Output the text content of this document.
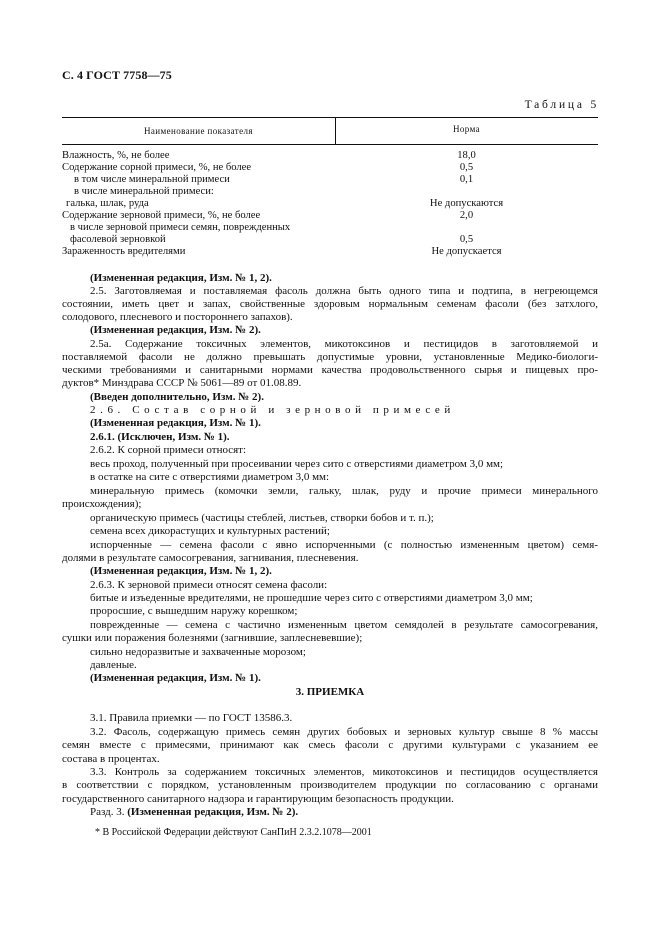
С. 4 ГОСТ 7758—75
Таблица 5
Наименование показателя	Норма
Влажность, %, не более	18,0
Содержание сорной примеси, %, не более	0,5
в том числе минеральной примеси	0,1
в числе минеральной примеси:
галька, шлак, руда	Не допускаются
Содержание зерновой примеси, %, не более	2,0
в числе зерновой примеси семян, поврежденных
фасолевой зерновкой	0,5
Зараженность вредителями	Не допускается
(Измененная редакция, Изм. № 1, 2).
2.5. Заготовляемая и поставляемая фасоль должна быть одного типа и подтипа, в негреющемся
состоянии, иметь цвет и запах, свойственные здоровым нормальным семенам фасоли (без затхлого,
солодового, плесневого и постороннего запахов).
(Измененная редакция, Изм. № 2).
2.5а. Содержание токсичных элементов, микотоксинов и пестицидов в заготовляемой и
поставляемой фасоли не должно превышать допустимые уровни, установленные Медико-биологи-
ческими требованиями и санитарными нормами качества продовольственного сырья и пищевых про-
дуктов* Минздрава СССР № 5061—89 от 01.08.89.
(Введен дополнительно, Изм. № 2).
2.6. Состав сорной и зерновой примесей
(Измененная редакция, Изм. № 1).
2.6.1. (Исключен, Изм. № 1).
2.6.2. К сорной примеси относят:
весь проход, полученный при просеивании через сито с отверстиями диаметром 3,0 мм;
в остатке на сите с отверстиями диаметром 3,0 мм:
минеральную примесь (комочки земли, гальку, шлак, руду и прочие примеси минерального
происхождения);
органическую примесь (частицы стеблей, листьев, створки бобов и т. п.);
семена всех дикорастущих и культурных растений;
испорченные — семена фасоли с явно испорченными (с полностью измененным цветом) семя-
долями в результате самосогревания, загнивания, плесневения.
(Измененная редакция, Изм. № 1, 2).
2.6.3. К зерновой примеси относят семена фасоли:
битые и изъеденные вредителями, не прошедшие через сито с отверстиями диаметром 3,0 мм;
проросшие, с вышедшим наружу корешком;
поврежденные — семена с частично измененным цветом семядолей в результате самосогревания,
сушки или поражения болезнями (загнившие, заплесневевшие);
сильно недоразвитые и захваченные морозом;
давленые.
(Измененная редакция, Изм. № 1).
3. ПРИЕМКА
3.1. Правила приемки — по ГОСТ 13586.3.
3.2. Фасоль, содержащую примесь семян других бобовых и зерновых культур свыше 8 % массы
семян вместе с примесями, принимают как смесь фасоли с другими культурами с указанием ее
состава в процентах.
3.3. Контроль за содержанием токсичных элементов, микотоксинов и пестицидов осуществляется
в соответствии с порядком, установленным производителем продукции по согласованию с органами
государственного санитарного надзора и гарантирующим безопасность продукции.
Разд. 3. (Измененная редакция, Изм. № 2).
* В Российской Федерации действуют СанПиН 2.3.2.1078—2001
